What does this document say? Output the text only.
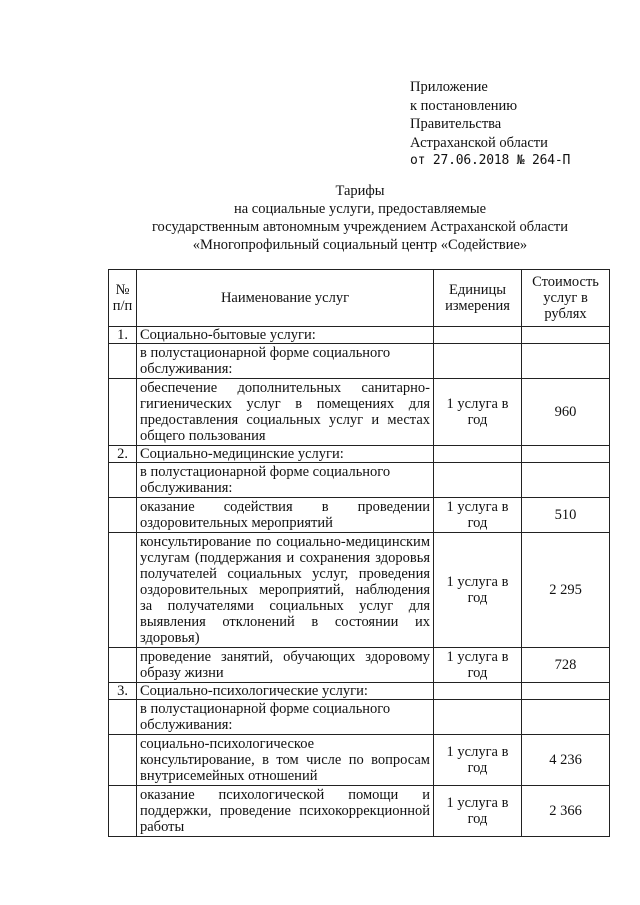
Приложение
к постановлению
Правительства
Астраханской области
от 27.06.2018 № 264-П
Тарифы
на социальные услуги, предоставляемые
государственным автономным учреждением Астраханской области
«Многопрофильный социальный центр «Содействие»
№ п/п	Наименование услуг	Единицы измерения	Стоимость услуг в рублях
1.	Социально-бытовые услуги:		
	в полустационарной форме социального обслуживания:		
	обеспечение дополнительных санитарно-гигиенических услуг в помещениях для предоставления социальных услуг и местах общего пользования	1 услуга в год	960
2.	Социально-медицинские услуги:		
	в полустационарной форме социального обслуживания:		
	оказание содействия в проведении оздоровительных мероприятий	1 услуга в год	510
	консультирование по социально-медицинским услугам (поддержания и сохранения здоровья получателей социальных услуг, проведения оздоровительных мероприятий, наблюдения за получателями социальных услуг для выявления отклонений в состоянии их здоровья)	1 услуга в год	2 295
	проведение занятий, обучающих здоровому образу жизни	1 услуга в год	728
3.	Социально-психологические услуги:		
	в полустационарной форме социального обслуживания:		
	социально-психологическое консультирование, в том числе по вопросам внутрисемейных отношений	1 услуга в год	4 236
	оказание психологической помощи и поддержки, проведение психокоррекционной работы	1 услуга в год	2 366
